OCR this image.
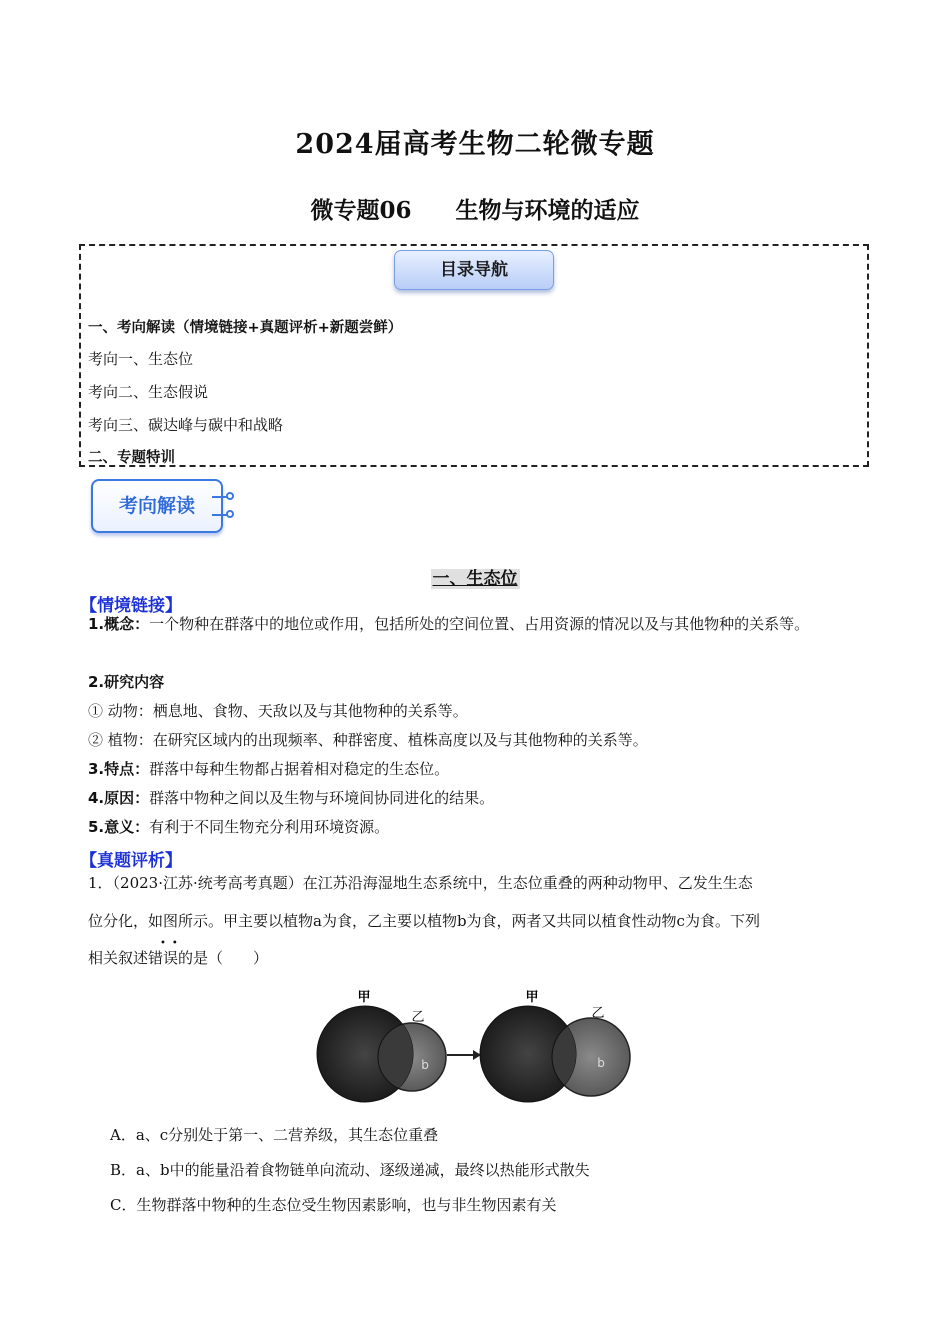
2024届高考生物二轮微专题
微专题06 生物与环境的适应
目录导航
一、考向解读（情境链接+真题评析+新题尝鲜）
考向一、生态位
考向二、生态假说
考向三、碳达峰与碳中和战略
二、专题特训
考向解读
一、生态位
【情境链接】
1.概念：一个物种在群落中的地位或作用，包括所处的空间位置、占用资源的情况以及与其他物种的关系等。
2.研究内容
① 动物：栖息地、食物、天敌以及与其他物种的关系等。
② 植物：在研究区域内的出现频率、种群密度、植株高度以及与其他物种的关系等。
3.特点：群落中每种生物都占据着相对稳定的生态位。
4.原因：群落中物种之间以及生物与环境间协同进化的结果。
5.意义：有利于不同生物充分利用环境资源。
【真题评析】
1．（2023·江苏·统考高考真题）在江苏沿海湿地生态系统中，生态位重叠的两种动物甲、乙发生生态
位分化，如图所示。甲主要以植物a为食，乙主要以植物b为食，两者又共同以植食性动物c为食。下列
••
相关叙述错误的是（　　）
甲
乙
b
甲
乙
b
A．a、c分别处于第一、二营养级，其生态位重叠
B．a、b中的能量沿着食物链单向流动、逐级递减，最终以热能形式散失
C．生物群落中物种的生态位受生物因素影响，也与非生物因素有关
